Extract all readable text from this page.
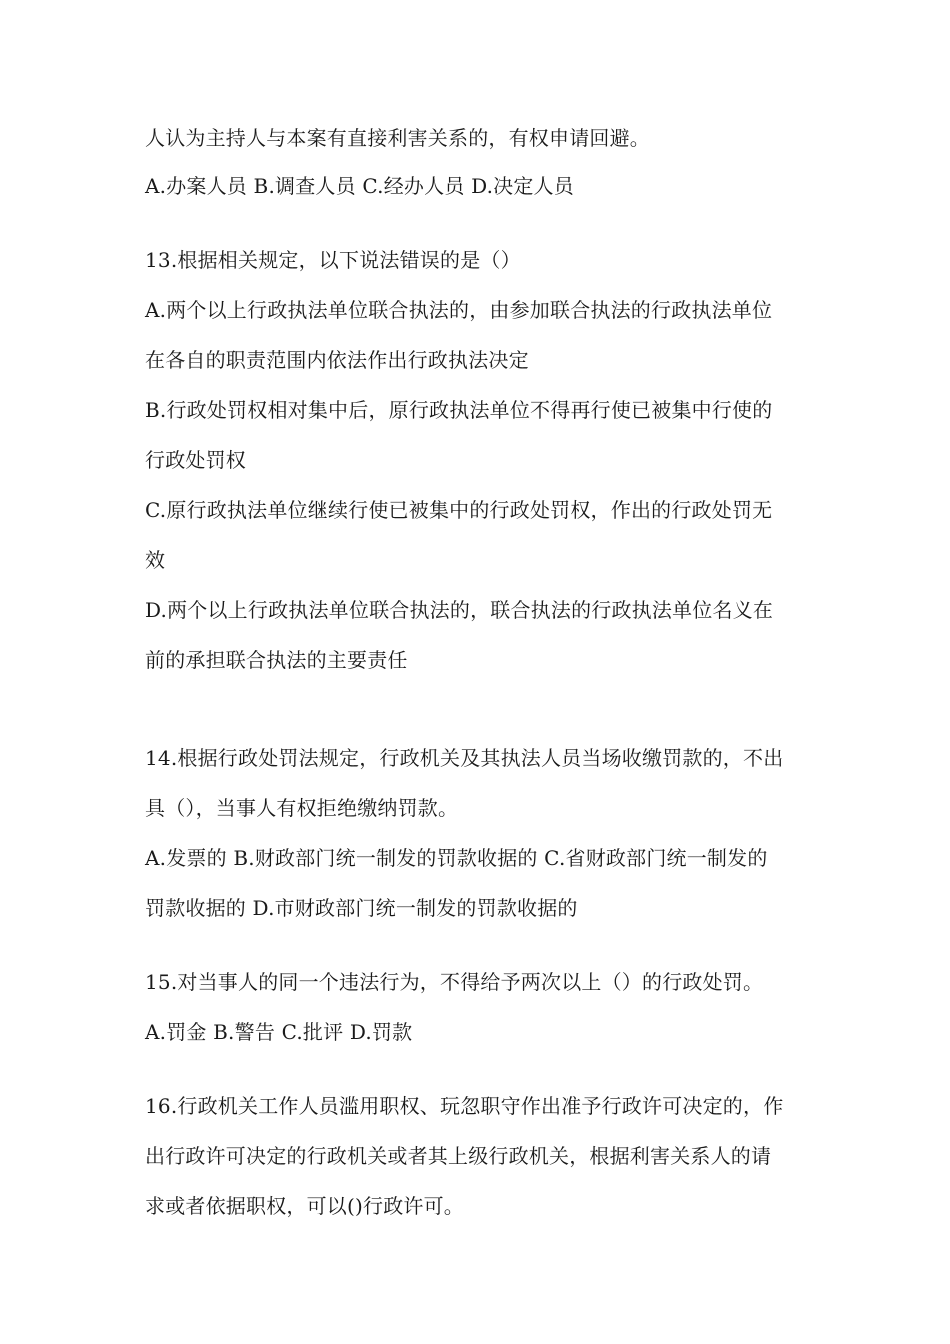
人认为主持人与本案有直接利害关系的，有权申请回避。
A.办案人员 B.调查人员 C.经办人员 D.决定人员
13.根据相关规定，以下说法错误的是（）
A.两个以上行政执法单位联合执法的，由参加联合执法的行政执法单位
在各自的职责范围内依法作出行政执法决定
B.行政处罚权相对集中后，原行政执法单位不得再行使已被集中行使的
行政处罚权
C.原行政执法单位继续行使已被集中的行政处罚权，作出的行政处罚无
效
D.两个以上行政执法单位联合执法的，联合执法的行政执法单位名义在
前的承担联合执法的主要责任
14.根据行政处罚法规定，行政机关及其执法人员当场收缴罚款的，不出
具（），当事人有权拒绝缴纳罚款。
A.发票的 B.财政部门统一制发的罚款收据的 C.省财政部门统一制发的
罚款收据的 D.市财政部门统一制发的罚款收据的
15.对当事人的同一个违法行为，不得给予两次以上（）的行政处罚。
A.罚金 B.警告 C.批评 D.罚款
16.行政机关工作人员滥用职权、玩忽职守作出准予行政许可决定的，作
出行政许可决定的行政机关或者其上级行政机关，根据利害关系人的请
求或者依据职权，可以()行政许可。
